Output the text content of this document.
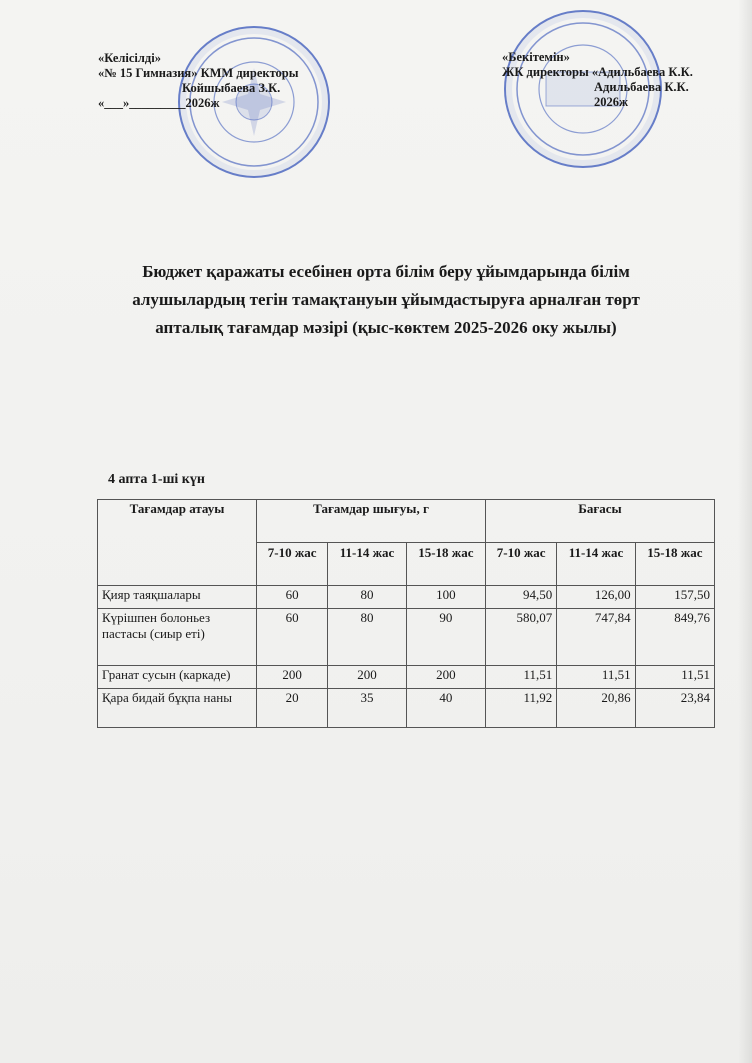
«Келісілді»
«№ 15 Гимназия» КММ директоры
Койшыбаева З.К.
«___»_________2026ж
«Бекітемін»
ЖК директоры «Адильбаева К.К.
Адильбаева К.К.
2026ж
Бюджет қаражаты есебінен орта білім беру ұйымдарында білім алушылардың тегін тамақтануын ұйымдастыруға арналған төрт апталық тағамдар мәзірі (қыс-көктем 2025-2026 оку жылы)
4 апта 1-ші күн
Тағамдар атауы	Тағамдар шығуы, г			Бағасы		
	7-10 жас	11-14 жас	15-18 жас	7-10 жас	11-14 жас	15-18 жас
Қияр таяқшалары	60	80	100	94,50	126,00	157,50
Күрішпен болоньез пастасы (сиыр еті)	60	80	90	580,07	747,84	849,76
Гранат сусын (каркаде)	200	200	200	11,51	11,51	11,51
Қара бидай бұқпа наны	20	35	40	11,92	20,86	23,84
